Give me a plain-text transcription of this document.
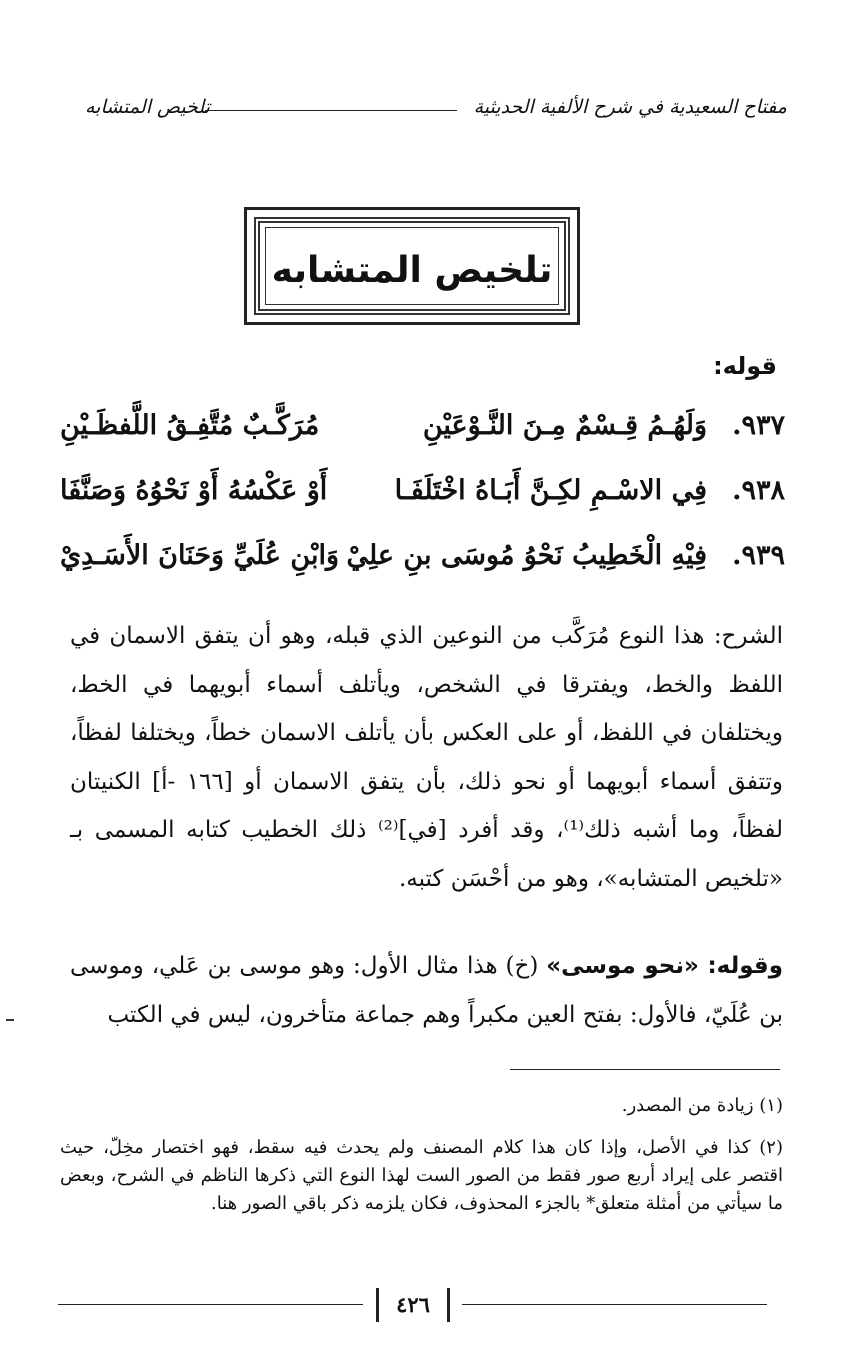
مفتاح السعيدية في شرح الألفية الحديثية
تلخيص المتشابه
تلخيص المتشابه
قوله:
٩٣٧.
وَلَهُـمُ قِـسْمٌ مِـنَ النَّـوْعَيْنِ
مُرَكَّـبٌ مُتَّفِـقُ اللَّفظَـيْنِ
٩٣٨.
فِي الاسْـمِ لكِـنَّ أَبَـاهُ اخْتَلَفَـا
أَوْ عَكْسُهُ أَوْ نَحْوُهُ وَصَنَّفَا
٩٣٩.
فِيْهِ الْخَطِيبُ نَحْوُ مُوسَى بنِ علِيْ
وَابْنِ عُلَيِّ وَحَنَانَ الأَسَـدِيْ
الشرح: هذا النوع مُرَكَّب من النوعين الذي قبله، وهو أن يتفق الاسمان في اللفظ والخط، ويفترقا في الشخص، ويأتلف أسماء أبويهما في الخط، ويختلفان في اللفظ، أو على العكس بأن يأتلف الاسمان خطاً، ويختلفا لفظاً، وتتفق أسماء أبويهما أو نحو ذلك، بأن يتفق الاسمان أو [١٦٦ -أ] الكنيتان لفظاً، وما أشبه ذلك⁽¹⁾، وقد أفرد [في]⁽²⁾ ذلك الخطيب كتابه المسمى بـ «تلخيص المتشابه»، وهو من أحْسَن كتبه.
وقوله: «نحو موسى» (خ) هذا مثال الأول: وهو موسى بن عَلي، وموسى بن عُلَيّ، فالأول: بفتح العين مكبراً وهم جماعة متأخرون، ليس في الكتب

(١) زيادة من المصدر.

(٢) كذا في الأصل، وإذا كان هذا كلام المصنف ولم يحدث فيه سقط، فهو اختصار مخِلّ، حيث اقتصر على إيراد أربع صور فقط من الصور الست لهذا النوع التي ذكرها الناظم في الشرح، وبعض ما سيأتي من أمثلة متعلق* بالجزء المحذوف، فكان يلزمه ذكر باقي الصور هنا.

٤٢٦
